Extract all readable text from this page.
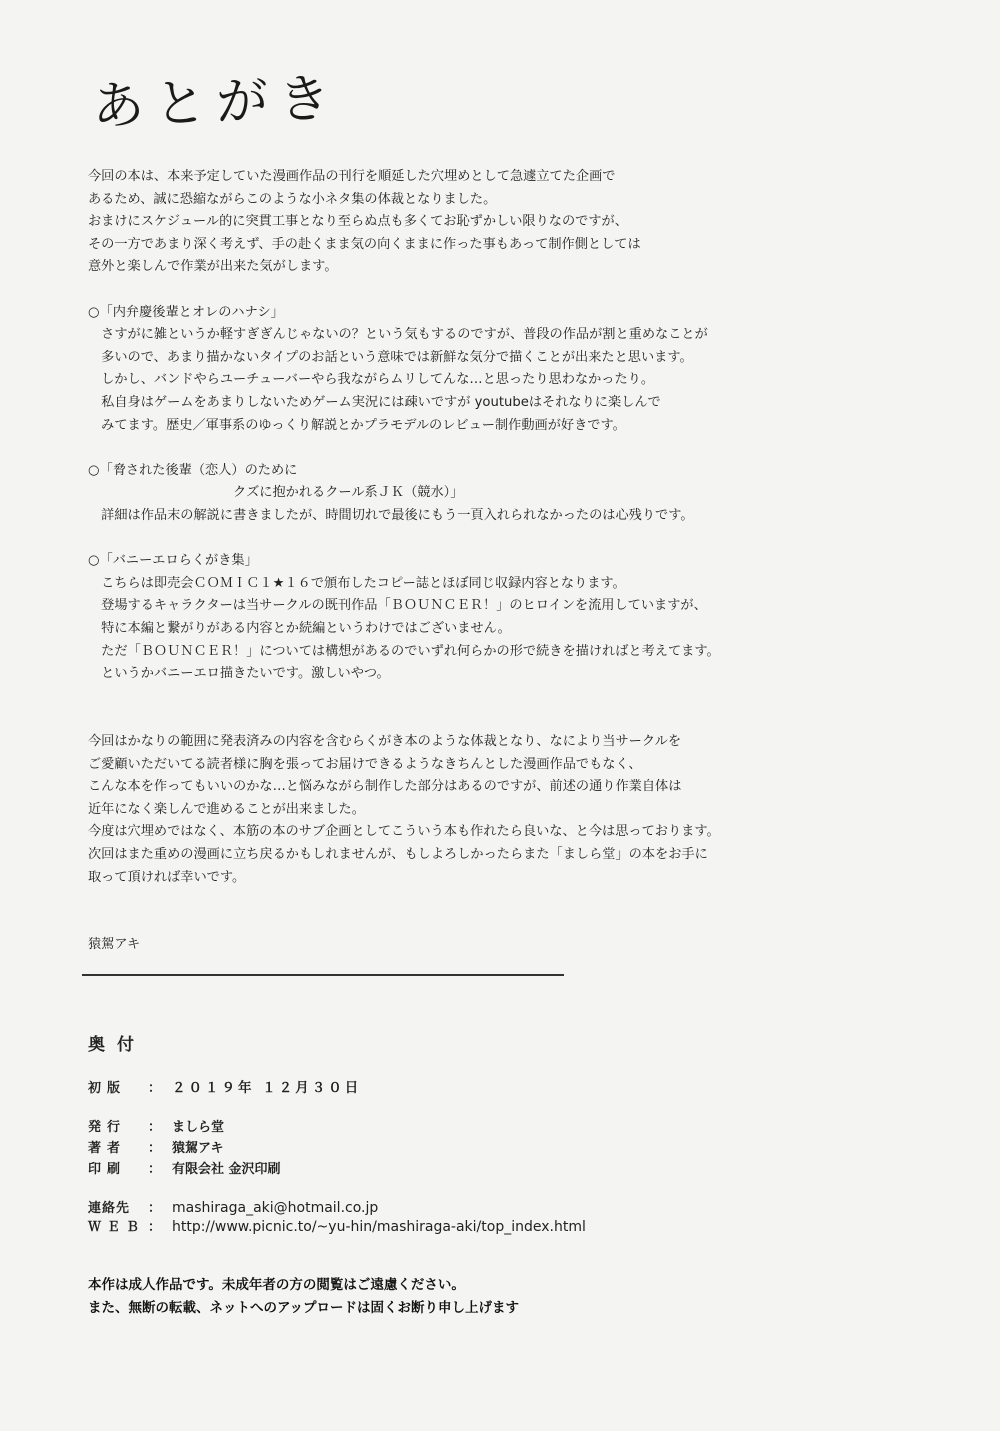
あとがき
今回の本は、本来予定していた漫画作品の刊行を順延した穴埋めとして急遽立てた企画で
あるため、誠に恐縮ながらこのような小ネタ集の体裁となりました。
おまけにスケジュール的に突貫工事となり至らぬ点も多くてお恥ずかしい限りなのですが、
その一方であまり深く考えず、手の赴くまま気の向くままに作った事もあって制作側としては
意外と楽しんで作業が出来た気がします。
○「内弁慶後輩とオレのハナシ」
　さすがに雑というか軽すぎぎんじゃないの？という気もするのですが、普段の作品が割と重めなことが
　多いので、あまり描かないタイプのお話という意味では新鮮な気分で描くことが出来たと思います。
　しかし、バンドやらユーチューバーやら我ながらムリしてんな…と思ったり思わなかったり。
　私自身はゲームをあまりしないためゲーム実況には疎いですが youtubeはそれなりに楽しんで
　みてます。歴史／軍事系のゆっくり解説とかプラモデルのレビュー制作動画が好きです。
○「脅された後輩（恋人）のために
　　　　　　　　　　　クズに抱かれるクール系ＪＫ（競水）」
　詳細は作品末の解説に書きましたが、時間切れで最後にもう一頁入れられなかったのは心残りです。
○「バニーエロらくがき集」
　こちらは即売会ＣＯＭＩＣ１★１６で頒布したコピー誌とほぼ同じ収録内容となります。
　登場するキャラクターは当サークルの既刊作品「ＢＯＵＮＣＥＲ！」のヒロインを流用していますが、
　特に本編と繋がりがある内容とか続編というわけではございません。
　ただ「ＢＯＵＮＣＥＲ！」については構想があるのでいずれ何らかの形で続きを描ければと考えてます。
　というかバニーエロ描きたいです。激しいやつ。
今回はかなりの範囲に発表済みの内容を含むらくがき本のような体裁となり、なにより当サークルを
ご愛顧いただいてる読者様に胸を張ってお届けできるようなきちんとした漫画作品でもなく、
こんな本を作ってもいいのかな…と悩みながら制作した部分はあるのですが、前述の通り作業自体は
近年になく楽しんで進めることが出来ました。
今度は穴埋めではなく、本筋の本のサブ企画としてこういう本も作れたら良いな、と今は思っております。
次回はまた重めの漫画に立ち戻るかもしれませんが、もしよろしかったらまた「ましら堂」の本をお手に
取って頂ければ幸いです。
猿駕アキ
奥付
初版 ： ２０１９年 １２月３０日
発行 ： ましら堂
著者 ： 猿駕アキ
印刷 ： 有限会社 金沢印刷
連絡先 ： mashiraga_aki@hotmail.co.jp
ＷＥＢ ： http://www.picnic.to/~yu-hin/mashiraga-aki/top_index.html
本作は成人作品です。未成年者の方の閲覧はご遠慮ください。
また、無断の転載、ネットへのアップロードは固くお断り申し上げます
